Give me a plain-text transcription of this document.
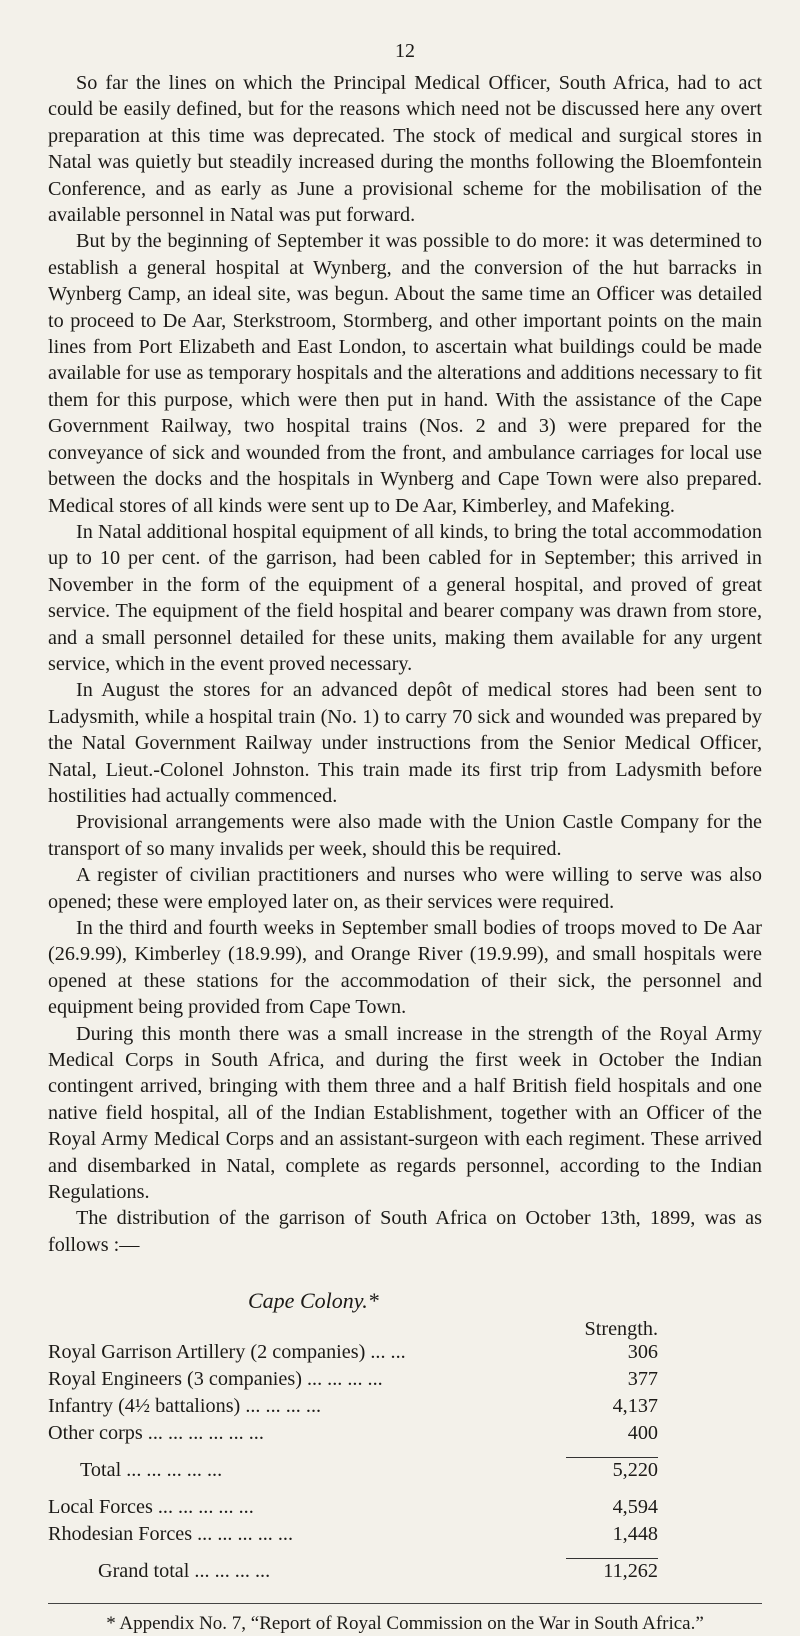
12

So far the lines on which the Principal Medical Officer, South Africa, had to act could be easily defined, but for the reasons which need not be discussed here any overt preparation at this time was deprecated. The stock of medical and surgical stores in Natal was quietly but steadily increased during the months following the Bloemfontein Conference, and as early as June a provisional scheme for the mobilisation of the available personnel in Natal was put forward.

But by the beginning of September it was possible to do more: it was determined to establish a general hospital at Wynberg, and the conversion of the hut barracks in Wynberg Camp, an ideal site, was begun. About the same time an Officer was detailed to proceed to De Aar, Sterkstroom, Stormberg, and other important points on the main lines from Port Elizabeth and East London, to ascertain what buildings could be made available for use as temporary hospitals and the alterations and additions necessary to fit them for this purpose, which were then put in hand. With the assistance of the Cape Government Railway, two hospital trains (Nos. 2 and 3) were prepared for the conveyance of sick and wounded from the front, and ambulance carriages for local use between the docks and the hospitals in Wynberg and Cape Town were also prepared. Medical stores of all kinds were sent up to De Aar, Kimberley, and Mafeking.

In Natal additional hospital equipment of all kinds, to bring the total accommodation up to 10 per cent. of the garrison, had been cabled for in September; this arrived in November in the form of the equipment of a general hospital, and proved of great service. The equipment of the field hospital and bearer company was drawn from store, and a small personnel detailed for these units, making them available for any urgent service, which in the event proved necessary.

In August the stores for an advanced depôt of medical stores had been sent to Ladysmith, while a hospital train (No. 1) to carry 70 sick and wounded was prepared by the Natal Government Railway under instructions from the Senior Medical Officer, Natal, Lieut.-Colonel Johnston. This train made its first trip from Ladysmith before hostilities had actually commenced.

Provisional arrangements were also made with the Union Castle Company for the transport of so many invalids per week, should this be required.

A register of civilian practitioners and nurses who were willing to serve was also opened; these were employed later on, as their services were required.

In the third and fourth weeks in September small bodies of troops moved to De Aar (26.9.99), Kimberley (18.9.99), and Orange River (19.9.99), and small hospitals were opened at these stations for the accommodation of their sick, the personnel and equipment being provided from Cape Town.

During this month there was a small increase in the strength of the Royal Army Medical Corps in South Africa, and during the first week in October the Indian contingent arrived, bringing with them three and a half British field hospitals and one native field hospital, all of the Indian Establishment, together with an Officer of the Royal Army Medical Corps and an assistant-surgeon with each regiment. These arrived and disembarked in Natal, complete as regards personnel, according to the Indian Regulations.

The distribution of the garrison of South Africa on October 13th, 1899, was as follows :—

Cape Colony.*
Strength.
Royal Garrison Artillery (2 companies) ... ...	306
Royal Engineers (3 companies) ... ... ... ...	377
Infantry (4½ battalions) ... ... ... ...	4,137
Other corps ... ... ... ... ... ...	400
Total ... ... ... ... ...	5,220
Local Forces ... ... ... ... ...	4,594
Rhodesian Forces ... ... ... ... ...	1,448
Grand total ... ... ... ...	11,262
* Appendix No. 7, “Report of Royal Commission on the War in South Africa.”
